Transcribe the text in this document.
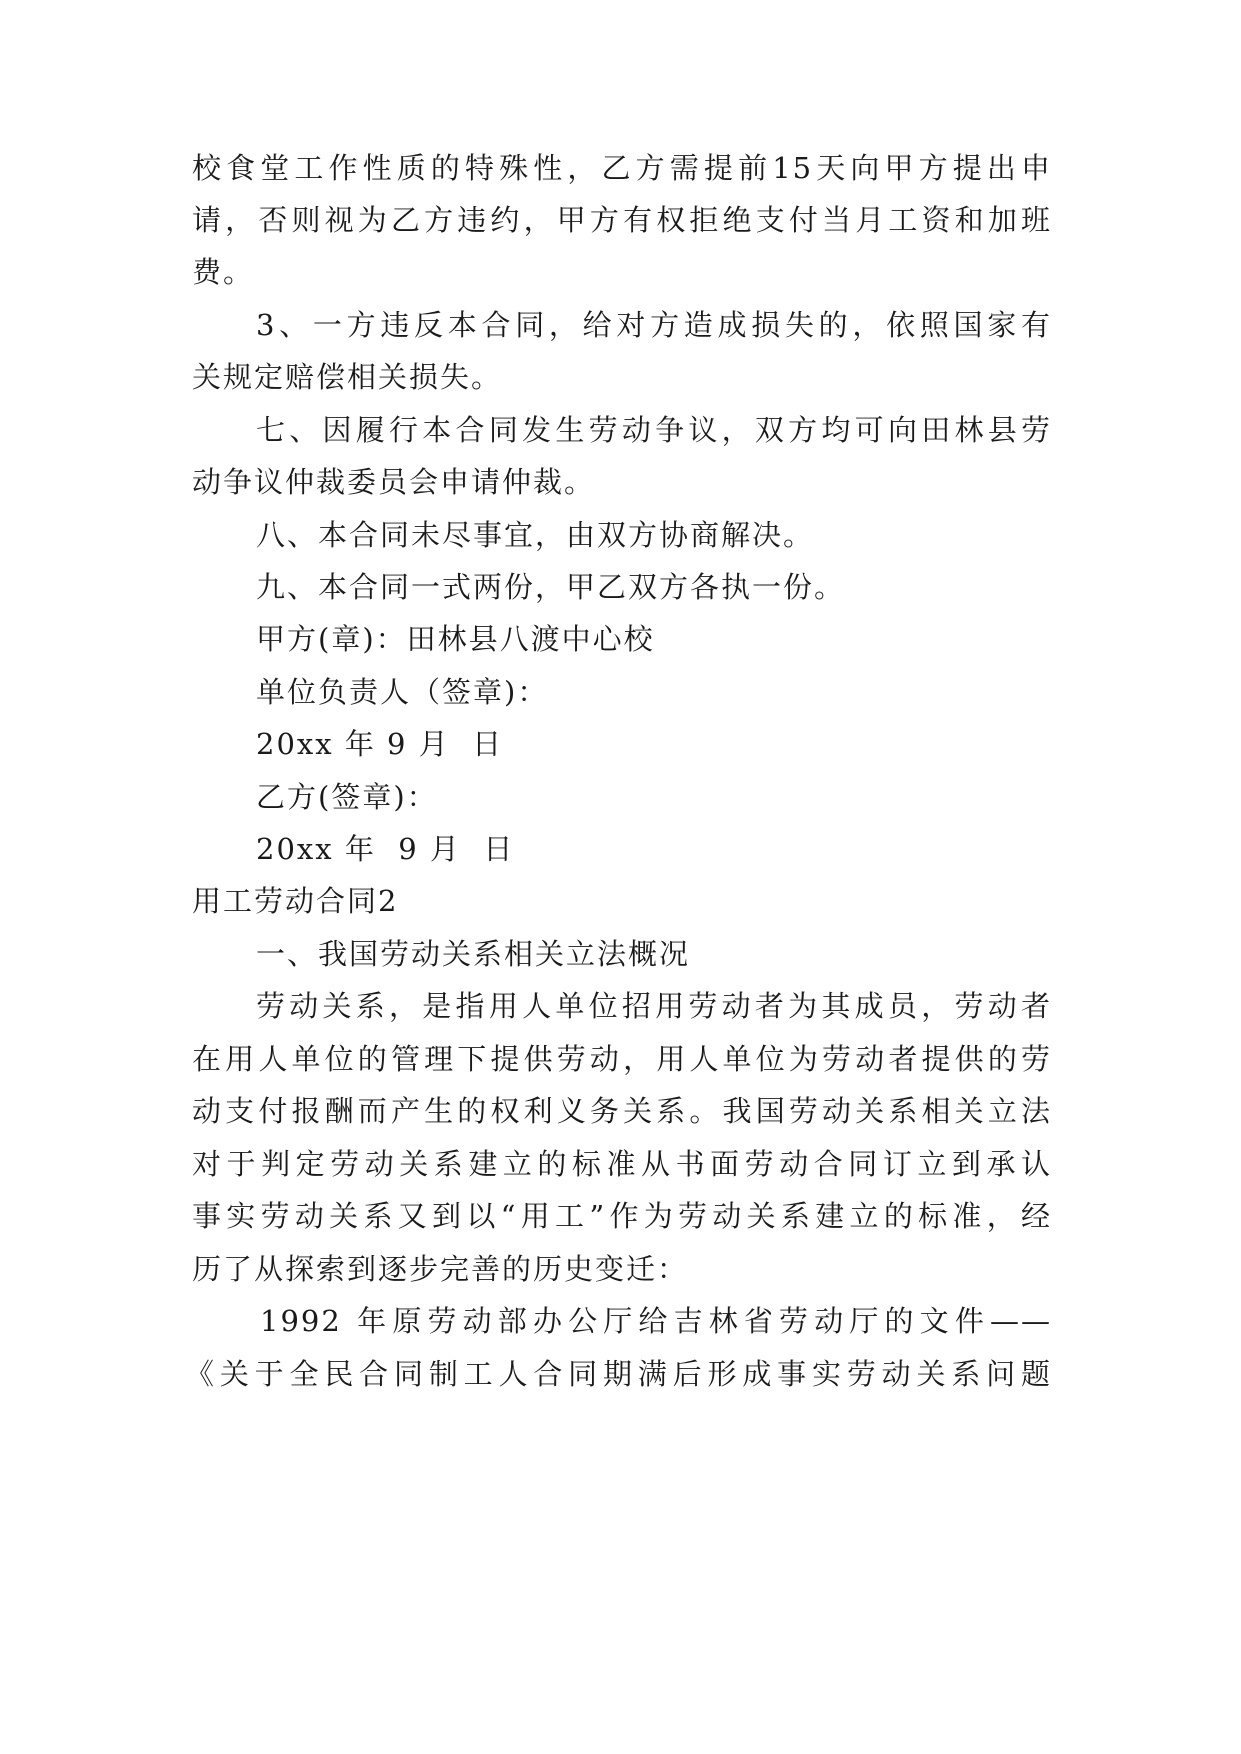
校食堂工作性质的特殊性，乙方需提前15天向甲方提出申
请，否则视为乙方违约，甲方有权拒绝支付当月工资和加班
费。
3、一方违反本合同，给对方造成损失的，依照国家有
关规定赔偿相关损失。
七、因履行本合同发生劳动争议，双方均可向田林县劳
动争议仲裁委员会申请仲裁。
八、本合同未尽事宜，由双方协商解决。
九、本合同一式两份，甲乙双方各执一份。
甲方(章)：田林县八渡中心校
单位负责人（签章)：
20xx 年 9 月  日
乙方(签章)：
20xx 年  9 月  日
用工劳动合同2
一、我国劳动关系相关立法概况
劳动关系，是指用人单位招用劳动者为其成员，劳动者
在用人单位的管理下提供劳动，用人单位为劳动者提供的劳
动支付报酬而产生的权利义务关系。我国劳动关系相关立法
对于判定劳动关系建立的标准从书面劳动合同订立到承认
事实劳动关系又到以“用工”作为劳动关系建立的标准，经
历了从探索到逐步完善的历史变迁：
1992 年原劳动部办公厅给吉林省劳动厅的文件——
《关于全民合同制工人合同期满后形成事实劳动关系问题
